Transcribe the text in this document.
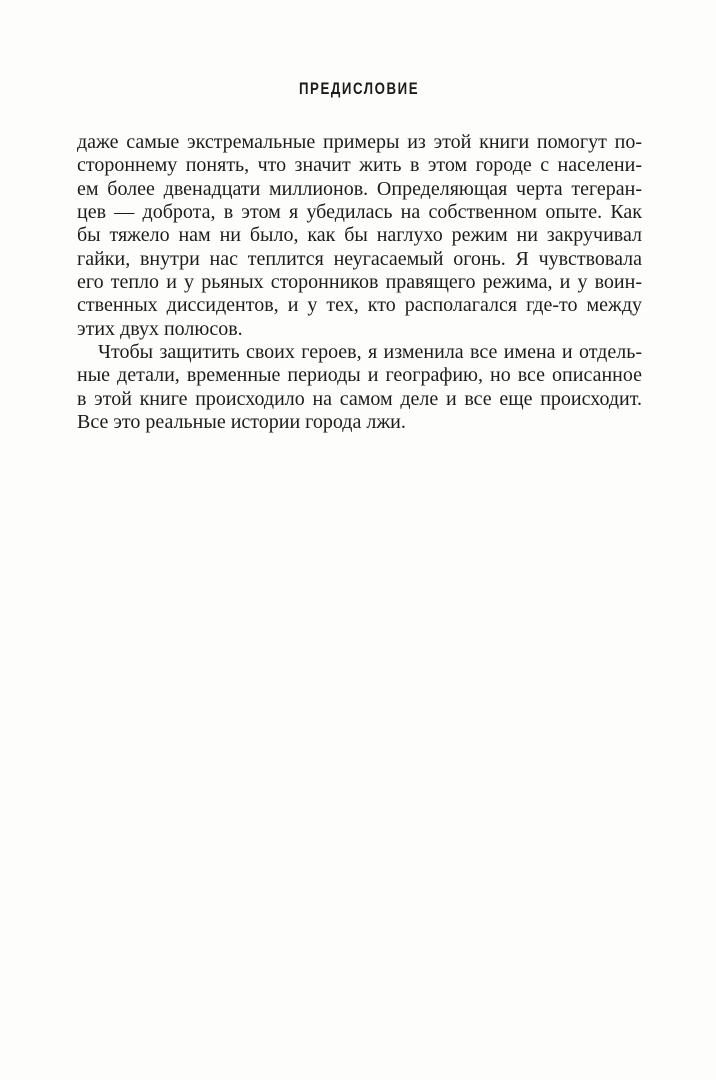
ПРЕДИСЛОВИЕ
даже самые экстремальные примеры из этой книги помогут по-
стороннему понять, что значит жить в этом городе с населени-
ем более двенадцати миллионов. Определяющая черта тегеран-
цев — доброта, в этом я убедилась на собственном опыте. Как
бы тяжело нам ни было, как бы наглухо режим ни закручивал
гайки, внутри нас теплится неугасаемый огонь. Я чувствовала
его тепло и у рьяных сторонников правящего режима, и у воин-
ственных диссидентов, и у тех, кто располагался где-то между
этих двух полюсов.
Чтобы защитить своих героев, я изменила все имена и отдель-
ные детали, временные периоды и географию, но все описанное
в этой книге происходило на самом деле и все еще происходит.
Все это реальные истории города лжи.
